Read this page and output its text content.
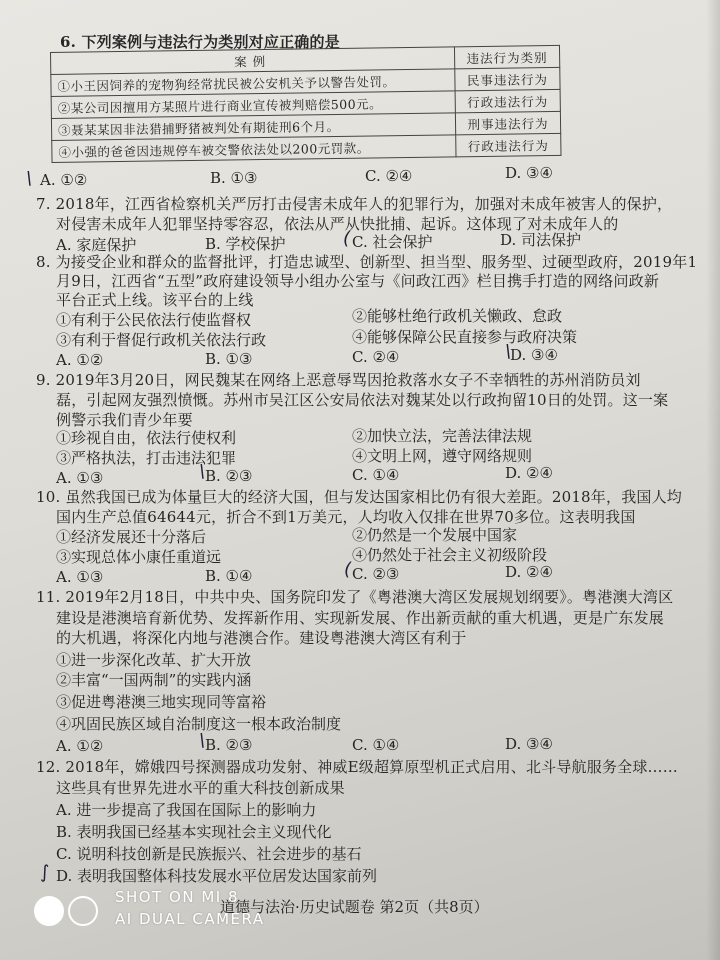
6. 下列案例与违法行为类别对应正确的是
案例	违法行为类别
①小王因饲养的宠物狗经常扰民被公安机关予以警告处罚。	民事违法行为
②某公司因擅用方某照片进行商业宣传被判赔偿500元。	行政违法行为
③聂某某因非法猎捕野猪被判处有期徒刑6个月。	刑事违法行为
④小强的爸爸因违规停车被交警依法处以200元罚款。	行政违法行为
\ A. ①②	B. ①③	C. ②④	D. ③④
7. 2018年，江西省检察机关严厉打击侵害未成年人的犯罪行为，加强对未成年被害人的保护，
对侵害未成年人犯罪坚持零容忍，依法从严从快批捕、起诉。这体现了对未成年人的
A. 家庭保护	B. 学校保护	( C. 社会保护	D. 司法保护
8. 为接受企业和群众的监督批评，打造忠诚型、创新型、担当型、服务型、过硬型政府，2019年1
月9日，江西省“五型”政府建设领导小组办公室与《问政江西》栏目携手打造的网络问政新
平台正式上线。该平台的上线
①有利于公民依法行使监督权	②能够杜绝行政机关懒政、怠政
③有利于督促行政机关依法行政	④能够保障公民直接参与政府决策
A. ①②	B. ①③	C. ②④	\
D. ③④
9. 2019年3月20日，网民魏某在网络上恶意辱骂因抢救落水女子不幸牺牲的苏州消防员刘
磊，引起网友强烈愤慨。苏州市吴江区公安局依法对魏某处以行政拘留10日的处罚。这一案
例警示我们青少年要
①珍视自由，依法行使权利	②加快立法，完善法律法规
③严格执法，打击违法犯罪	④文明上网，遵守网络规则
A. ①③	\ B. ②③	C. ①④	D. ②④
10. 虽然我国已成为体量巨大的经济大国，但与发达国家相比仍有很大差距。2018年，我国人均
国内生产总值64644元，折合不到1万美元，人均收入仅排在世界70多位。这表明我国
①经济发展还十分落后	②仍然是一个发展中国家
③实现总体小康任重道远	④仍然处于社会主义初级阶段
A. ①③	B. ①④	( C. ②③	D. ②④
11. 2019年2月18日，中共中央、国务院印发了《粤港澳大湾区发展规划纲要》。粤港澳大湾区
建设是港澳培育新优势、发挥新作用、实现新发展、作出新贡献的重大机遇，更是广东发展
的大机遇，将深化内地与港澳合作。建设粤港澳大湾区有利于
①进一步深化改革、扩大开放
②丰富“一国两制”的实践内涵
③促进粤港澳三地实现同等富裕
④巩固民族区域自治制度这一根本政治制度
A. ①②	\ B. ②③	C. ①④	D. ③④
12. 2018年，嫦娥四号探测器成功发射、神威E级超算原型机正式启用、北斗导航服务全球……
这些具有世界先进水平的重大科技创新成果
A. 进一步提高了我国在国际上的影响力
B. 表明我国已经基本实现社会主义现代化
C. 说明科技创新是民族振兴、社会进步的基石
∫ D. 表明我国整体科技发展水平位居发达国家前列
道德与法治·历史试题卷 第2页（共8页）
SHOT ON MI 8
AI DUAL CAMERA
